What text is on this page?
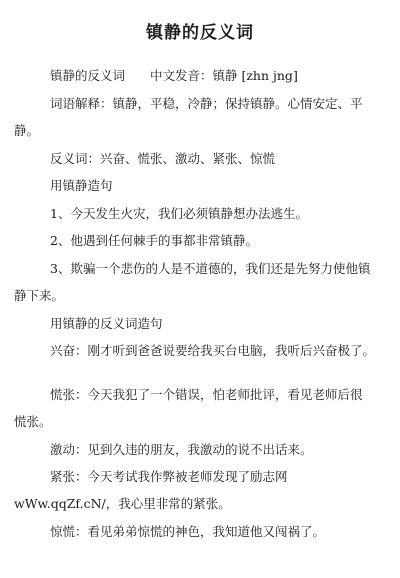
镇静的反义词
镇静的反义词　　中文发音：镇静 [zhn jng]
词语解释：镇静，平稳，冷静；保持镇静。心情安定、平
静。
反义词：兴奋、慌张、激动、紧张、惊慌
用镇静造句
1、今天发生火灾，我们必须镇静想办法逃生。
2、他遇到任何棘手的事都非常镇静。
3、欺骗一个悲伤的人是不道德的，我们还是先努力使他镇
静下来。
用镇静的反义词造句
兴奋：刚才听到爸爸说要给我买台电脑，我听后兴奋极了。
慌张：今天我犯了一个错误，怕老师批评，看见老师后很
慌张。
激动：见到久违的朋友，我激动的说不出话来。
紧张：今天考试我作弊被老师发现了励志网
wWw.qqZf.cN/，我心里非常的紧张。
惊慌：看见弟弟惊慌的神色，我知道他又闯祸了。
